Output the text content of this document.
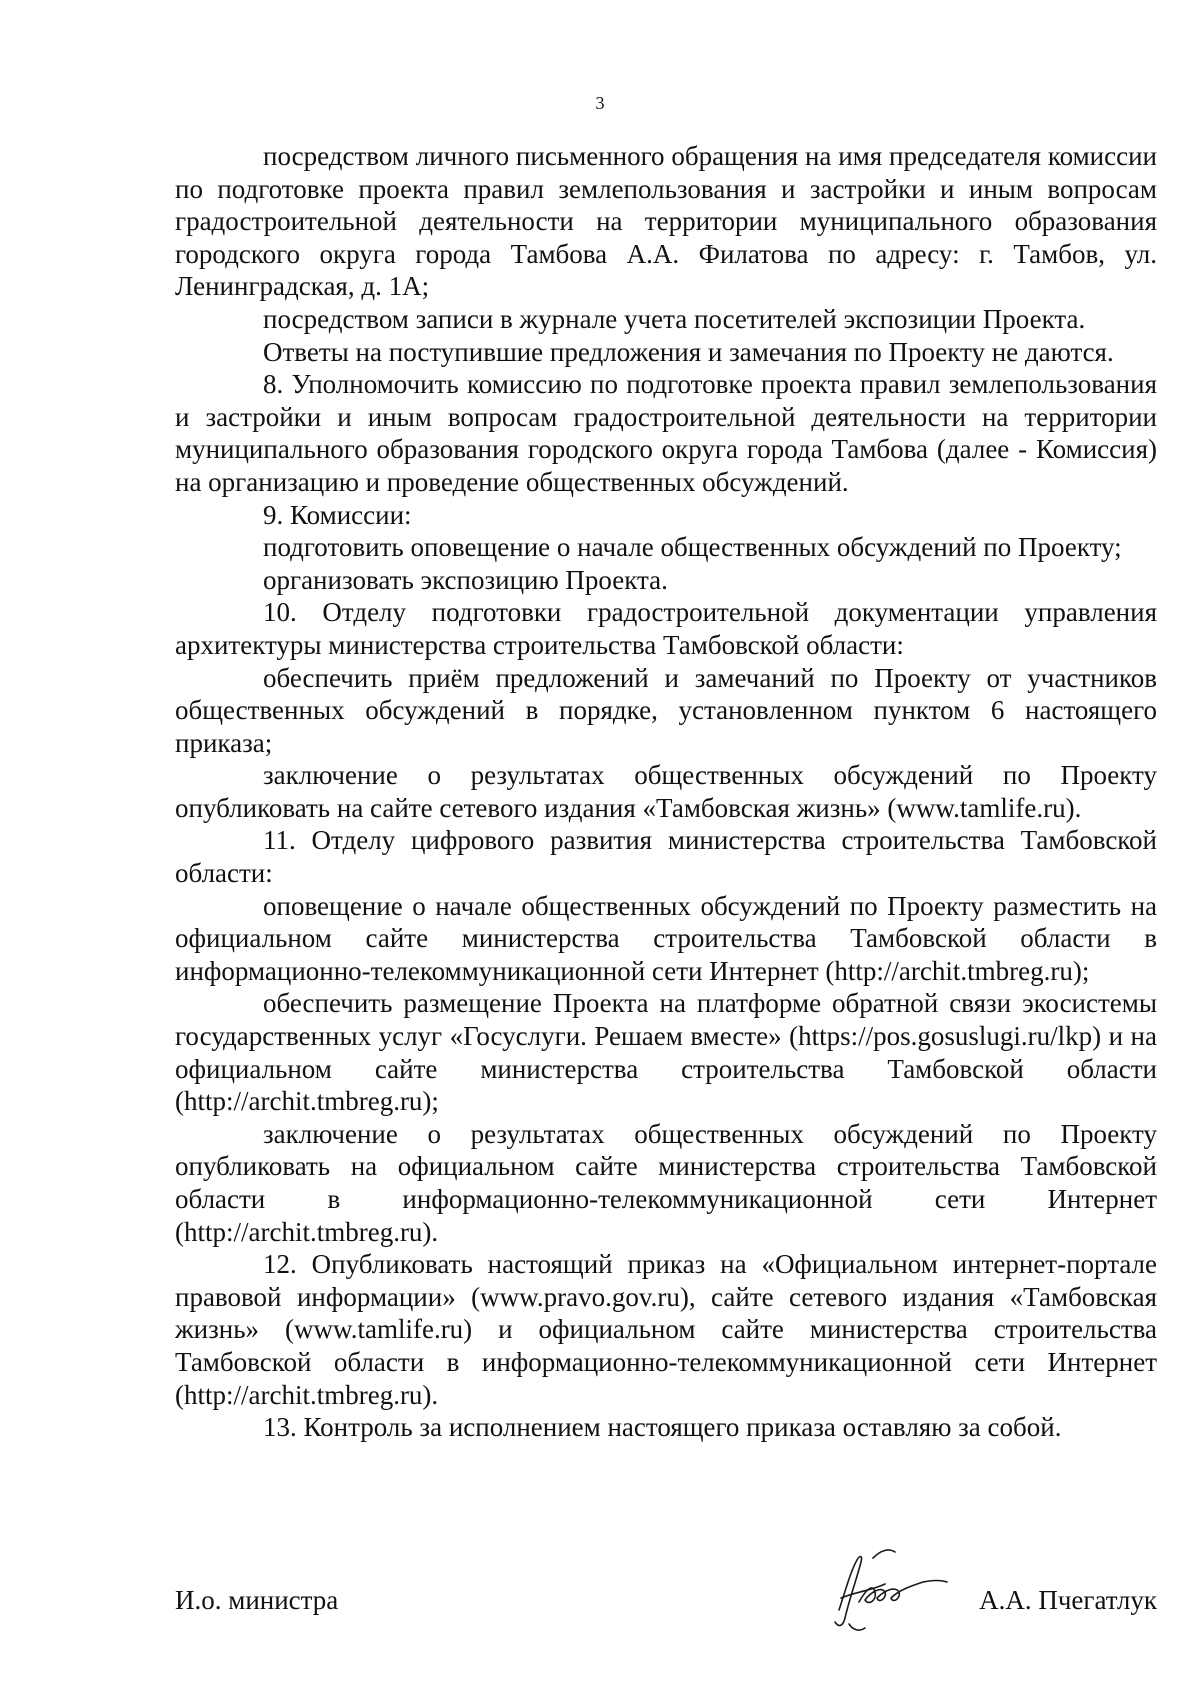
3

посредством личного письменного обращения на имя председателя комиссии по подготовке проекта правил землепользования и застройки и иным вопросам градостроительной деятельности на территории муниципального образования городского округа города Тамбова А.А. Филатова по адресу: г. Тамбов, ул. Ленинградская, д. 1А;

посредством записи в журнале учета посетителей экспозиции Проекта.

Ответы на поступившие предложения и замечания по Проекту не даются.

8. Уполномочить комиссию по подготовке проекта правил землепользования и застройки и иным вопросам градостроительной деятельности на территории муниципального образования городского округа города Тамбова (далее - Комиссия) на организацию и проведение общественных обсуждений.

9. Комиссии:

подготовить оповещение о начале общественных обсуждений по Проекту;

организовать экспозицию Проекта.

10. Отделу подготовки градостроительной документации управления архитектуры министерства строительства Тамбовской области:

обеспечить приём предложений и замечаний по Проекту от участников общественных обсуждений в порядке, установленном пунктом 6 настоящего приказа;

заключение о результатах общественных обсуждений по Проекту опубликовать на сайте сетевого издания «Тамбовская жизнь» (www.tamlife.ru).

11. Отделу цифрового развития министерства строительства Тамбовской области:

оповещение о начале общественных обсуждений по Проекту разместить на официальном сайте министерства строительства Тамбовской области в информационно-телекоммуникационной сети Интернет (http://archit.tmbreg.ru);

обеспечить размещение Проекта на платформе обратной связи экосистемы государственных услуг «Госуслуги. Решаем вместе» (https://pos.gosuslugi.ru/lkp) и на официальном сайте министерства строительства Тамбовской области (http://archit.tmbreg.ru);

заключение о результатах общественных обсуждений по Проекту опубликовать на официальном сайте министерства строительства Тамбовской области в информационно-телекоммуникационной сети Интернет (http://archit.tmbreg.ru).

12. Опубликовать настоящий приказ на «Официальном интернет-портале правовой информации» (www.pravo.gov.ru), сайте сетевого издания «Тамбовская жизнь» (www.tamlife.ru) и официальном сайте министерства строительства Тамбовской области в информационно-телекоммуникационной сети Интернет (http://archit.tmbreg.ru).

13. Контроль за исполнением настоящего приказа оставляю за собой.

И.о. министра	А.А. Пчегатлук
